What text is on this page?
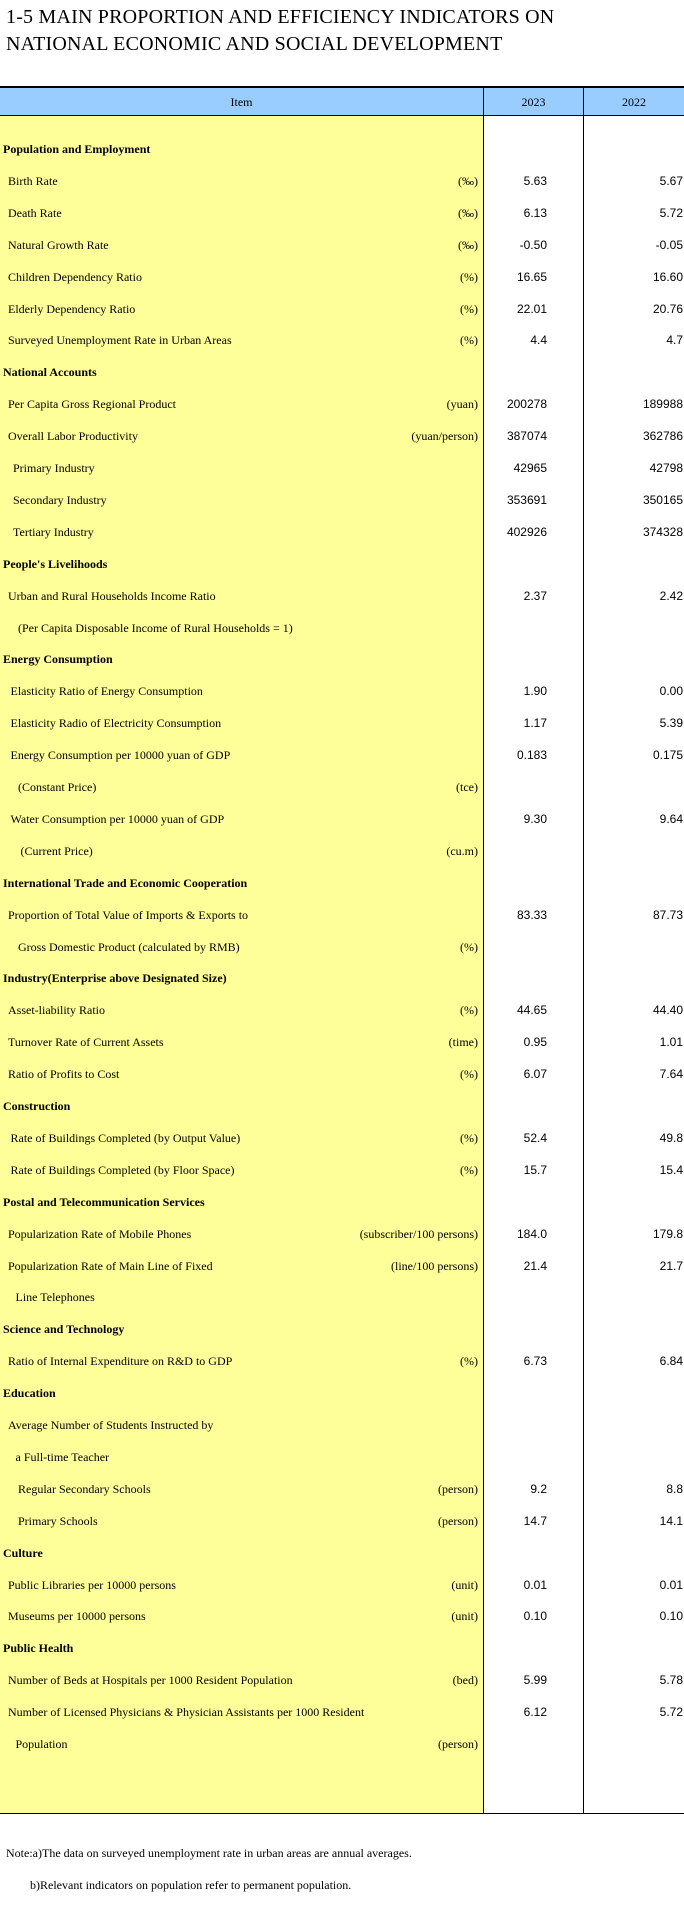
1-5 MAIN PROPORTION AND EFFICIENCY INDICATORS ON
NATIONAL ECONOMIC AND SOCIAL DEVELOPMENT
Item	2023	2022
Population and Employment
Birth Rate	(‰)	5.63	5.67
Death Rate	(‰)	6.13	5.72
Natural Growth Rate	(‰)	-0.50	-0.05
Children Dependency Ratio	(%)	16.65	16.60
Elderly Dependency Ratio	(%)	22.01	20.76
Surveyed Unemployment Rate in Urban Areas	(%)	4.4	4.7
National Accounts
Per Capita Gross Regional Product	(yuan)	200278	189988
Overall Labor Productivity	(yuan/person)	387074	362786
Primary Industry	42965	42798
Secondary Industry	353691	350165
Tertiary Industry	402926	374328
People's Livelihoods
Urban and Rural Households Income Ratio	2.37	2.42
(Per Capita Disposable Income of Rural Households = 1)
Energy Consumption
Elasticity Ratio of Energy Consumption	1.90	0.00
Elasticity Radio of Electricity Consumption	1.17	5.39
Energy Consumption per 10000 yuan of GDP	0.183	0.175
(Constant Price)	(tce)
Water Consumption per 10000 yuan of GDP	9.30	9.64
(Current Price)	(cu.m)
International Trade and Economic Cooperation
Proportion of Total Value of Imports & Exports to	83.33	87.73
Gross Domestic Product (calculated by RMB)	(%)
Industry(Enterprise above Designated Size)
Asset-liability Ratio	(%)	44.65	44.40
Turnover Rate of Current Assets	(time)	0.95	1.01
Ratio of Profits to Cost	(%)	6.07	7.64
Construction
Rate of Buildings Completed (by Output Value)	(%)	52.4	49.8
Rate of Buildings Completed (by Floor Space)	(%)	15.7	15.4
Postal and Telecommunication Services
Popularization Rate of Mobile Phones	(subscriber/100 persons)	184.0	179.8
Popularization Rate of Main Line of Fixed	(line/100 persons)	21.4	21.7
Line Telephones
Science and Technology
Ratio of Internal Expenditure on R&D to GDP	(%)	6.73	6.84
Education
Average Number of Students Instructed by
a Full-time Teacher
Regular Secondary Schools	(person)	9.2	8.8
Primary Schools	(person)	14.7	14.1
Culture
Public Libraries per 10000 persons	(unit)	0.01	0.01
Museums per 10000 persons	(unit)	0.10	0.10
Public Health
Number of Beds at Hospitals per 1000 Resident Population	(bed)	5.99	5.78
Number of Licensed Physicians & Physician Assistants per 1000 Resident	6.12	5.72
Population	(person)
Note:a)The data on surveyed unemployment rate in urban areas are annual averages.
b)Relevant indicators on population refer to permanent population.
